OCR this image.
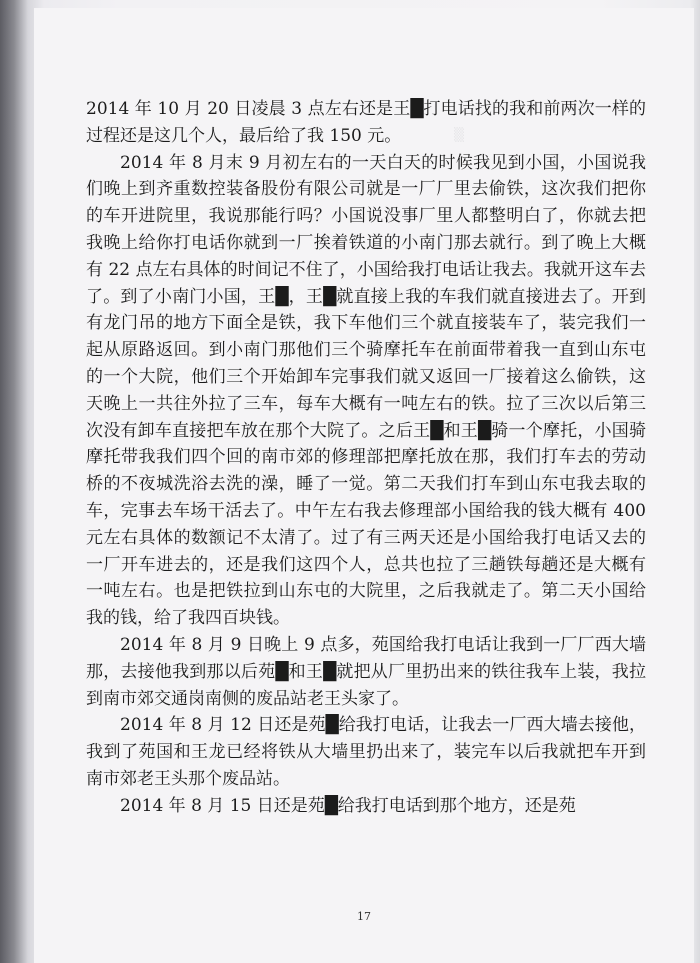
▒

2014 年 10 月 20 日凌晨 3 点左右还是王█打电话找的我和前两次一样的过程还是这几个人，最后给了我 150 元。

2014 年 8 月末 9 月初左右的一天白天的时候我见到小国，小国说我们晚上到齐重数控装备股份有限公司就是一厂厂里去偷铁，这次我们把你的车开进院里，我说那能行吗？小国说没事厂里人都整明白了，你就去把我晚上给你打电话你就到一厂挨着铁道的小南门那去就行。到了晚上大概有 22 点左右具体的时间记不住了，小国给我打电话让我去。我就开这车去了。到了小南门小国，王█，王█就直接上我的车我们就直接进去了。开到有龙门吊的地方下面全是铁，我下车他们三个就直接装车了，装完我们一起从原路返回。到小南门那他们三个骑摩托车在前面带着我一直到山东屯的一个大院，他们三个开始卸车完事我们就又返回一厂接着这么偷铁，这天晚上一共往外拉了三车，每车大概有一吨左右的铁。拉了三次以后第三次没有卸车直接把车放在那个大院了。之后王█和王█骑一个摩托，小国骑摩托带我我们四个回的南市郊的修理部把摩托放在那，我们打车去的劳动桥的不夜城洗浴去洗的澡，睡了一觉。第二天我们打车到山东屯我去取的车，完事去车场干活去了。中午左右我去修理部小国给我的钱大概有 400 元左右具体的数额记不太清了。过了有三两天还是小国给我打电话又去的一厂开车进去的，还是我们这四个人，总共也拉了三趟铁每趟还是大概有一吨左右。也是把铁拉到山东屯的大院里，之后我就走了。第二天小国给我的钱，给了我四百块钱。

2014 年 8 月 9 日晚上 9 点多，苑国给我打电话让我到一厂厂西大墙那，去接他我到那以后苑█和王█就把从厂里扔出来的铁往我车上装，我拉到南市郊交通岗南侧的废品站老王头家了。

2014 年 8 月 12 日还是苑█给我打电话，让我去一厂西大墙去接他，我到了苑国和王龙已经将铁从大墙里扔出来了，装完车以后我就把车开到南市郊老王头那个废品站。

2014 年 8 月 15 日还是苑█给我打电话到那个地方，还是苑

17
